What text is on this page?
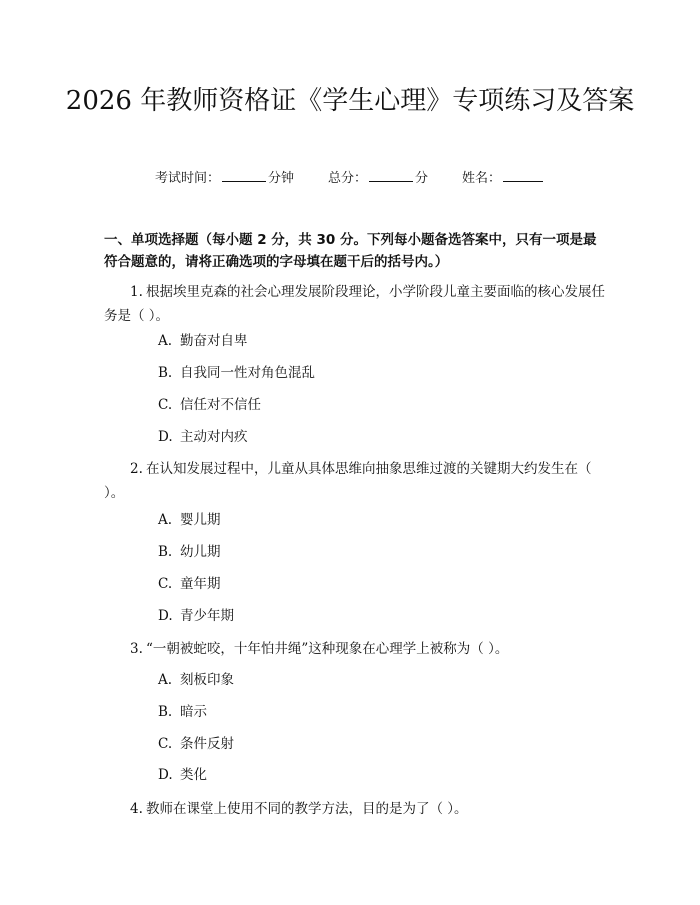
2026 年教师资格证《学生心理》专项练习及答案
考试时间：	分钟	总分：	分	姓名：

一、单项选择题（每小题 2 分，共 30 分。下列每小题备选答案中，只有一项是最符合题意的，请将正确选项的字母填在题干后的括号内。）

1. 根据埃里克森的社会心理发展阶段理论，小学阶段儿童主要面临的核心发展任务是（ ）。

A. 勤奋对自卑
B. 自我同一性对角色混乱
C. 信任对不信任
D. 主动对内疚

2. 在认知发展过程中，儿童从具体思维向抽象思维过渡的关键期大约发生在（ ）。

A. 婴儿期
B. 幼儿期
C. 童年期
D. 青少年期

3. “一朝被蛇咬，十年怕井绳”这种现象在心理学上被称为（ ）。

A. 刻板印象
B. 暗示
C. 条件反射
D. 类化

4. 教师在课堂上使用不同的教学方法，目的是为了（ ）。
